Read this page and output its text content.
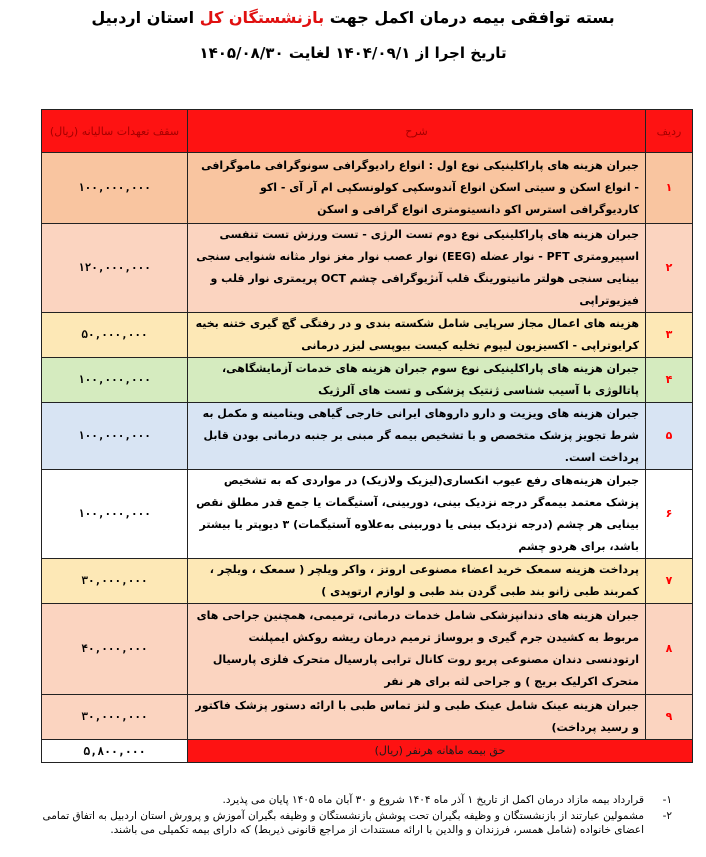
بسته توافقی بیمه درمان اکمل جهت بازنشستگان کل استان اردبیل
تاریخ اجرا از ۱۴۰۴/۰۹/۱ لغایت ۱۴۰۵/۰۸/۳۰
ردیف	شرح	سقف تعهدات سالیانه (ریال)
۱	جبران هزینه های پاراکلینیکی نوع اول : انواع رادیوگرافی سونوگرافی ماموگرافی - انواع اسکن و سیتی اسکن انواع آندوسکپی کولونسکپی ام آر آی - اکو کاردیوگرافی استرس اکو دانسیتومتری انواع گرافی و اسکن	۱۰۰,۰۰۰,۰۰۰
۲	جبران هزینه های پاراکلینیکی نوع دوم تست الرژی - تست ورزش تست تنفسی اسپیرومتری PFT - نوار عضله (EEG) نوار عصب نوار مغز نوار مثانه شنوایی سنجی بینایی سنجی هولتر مانیتورینگ قلب آنژیوگرافی چشم OCT پریمتری نوار قلب و فیزیوتراپی	۱۲۰,۰۰۰,۰۰۰
۳	هزینه های اعمال مجاز سرپایی شامل شکسته بندی و در رفتگی گچ گیری ختنه بخیه کرایوتراپی - اکسیزیون لیپوم تخلیه کیست بیوپسی لیزر درمانی	۵۰,۰۰۰,۰۰۰
۴	جبران هزینه های پاراکلینیکی نوع سوم جبران هزینه های خدمات آزمایشگاهی، پاتالوژی با آسیب شناسی ژنتیک پزشکی و تست های آلرژیک	۱۰۰,۰۰۰,۰۰۰
۵	جبران هزینه های ویزیت و دارو داروهای ایرانی خارجی گیاهی ویتامینه و مکمل به شرط تجویز پزشک متخصص و با تشخیص بیمه گر مبنی بر جنبه درمانی بودن قابل پرداخت است.	۱۰۰,۰۰۰,۰۰۰
۶	جبران هزینه‌های رفع عیوب انکساری(لیزیک ولازیک) در مواردی که به تشخیص پزشک معتمد بیمه‌گر درجه نزدیک بینی، دوربینی، آستیگمات یا جمع قدر مطلق نقص بینایی هر چشم (درجه نزدیک بینی یا دوربینی به‌علاوه آستیگمات) ۳ دیوپتر یا بیشتر باشد، برای هردو چشم	۱۰۰,۰۰۰,۰۰۰
۷	پرداخت هزینه سمعک خرید اعضاء مصنوعی اروتز ، واکر ویلچر ( سمعک ، ویلچر ، کمربند طبی زانو بند طبی گردن بند طبی و لوازم ارتوپدی )	۳۰,۰۰۰,۰۰۰
۸	جبران هزینه های دندانپزشکی شامل خدمات درمانی، ترمیمی، همچنین جراحی های مربوط به کشیدن جرم گیری و بروساژ ترمیم درمان ریشه روکش ایمپلنت ارتودنسی دندان مصنوعی پریو روت کانال ترابی پارسیال متحرک فلزی پارسیال متحرک اکرلیک بریج ) و جراحی لثه برای هر نفر	۴۰,۰۰۰,۰۰۰
۹	جبران هزینه عینک شامل عینک طبی و لنز تماس طبی با ارائه دستور پزشک فاکتور و رسید پرداخت)	۳۰,۰۰۰,۰۰۰
حق بیمه ماهانه هرنفر (ریال)		۵,۸۰۰,۰۰۰
۱-
قرارداد بیمه مازاد درمان اکمل از تاریخ ۱ آذر ماه ۱۴۰۴ شروع و ۳۰ آبان ماه ۱۴۰۵ پایان می پذیرد.
۲-
مشمولین عبارتند از بازنشستگان و وظیفه بگیران تحت پوشش بازنشستگان و وظیفه بگیران آموزش و پرورش استان اردبیل به اتفاق تمامی اعضای خانواده (شامل همسر، فرزندان و والدین با ارائه مستندات از مراجع قانونی ذیربط) که دارای بیمه تکمیلی می باشند.
